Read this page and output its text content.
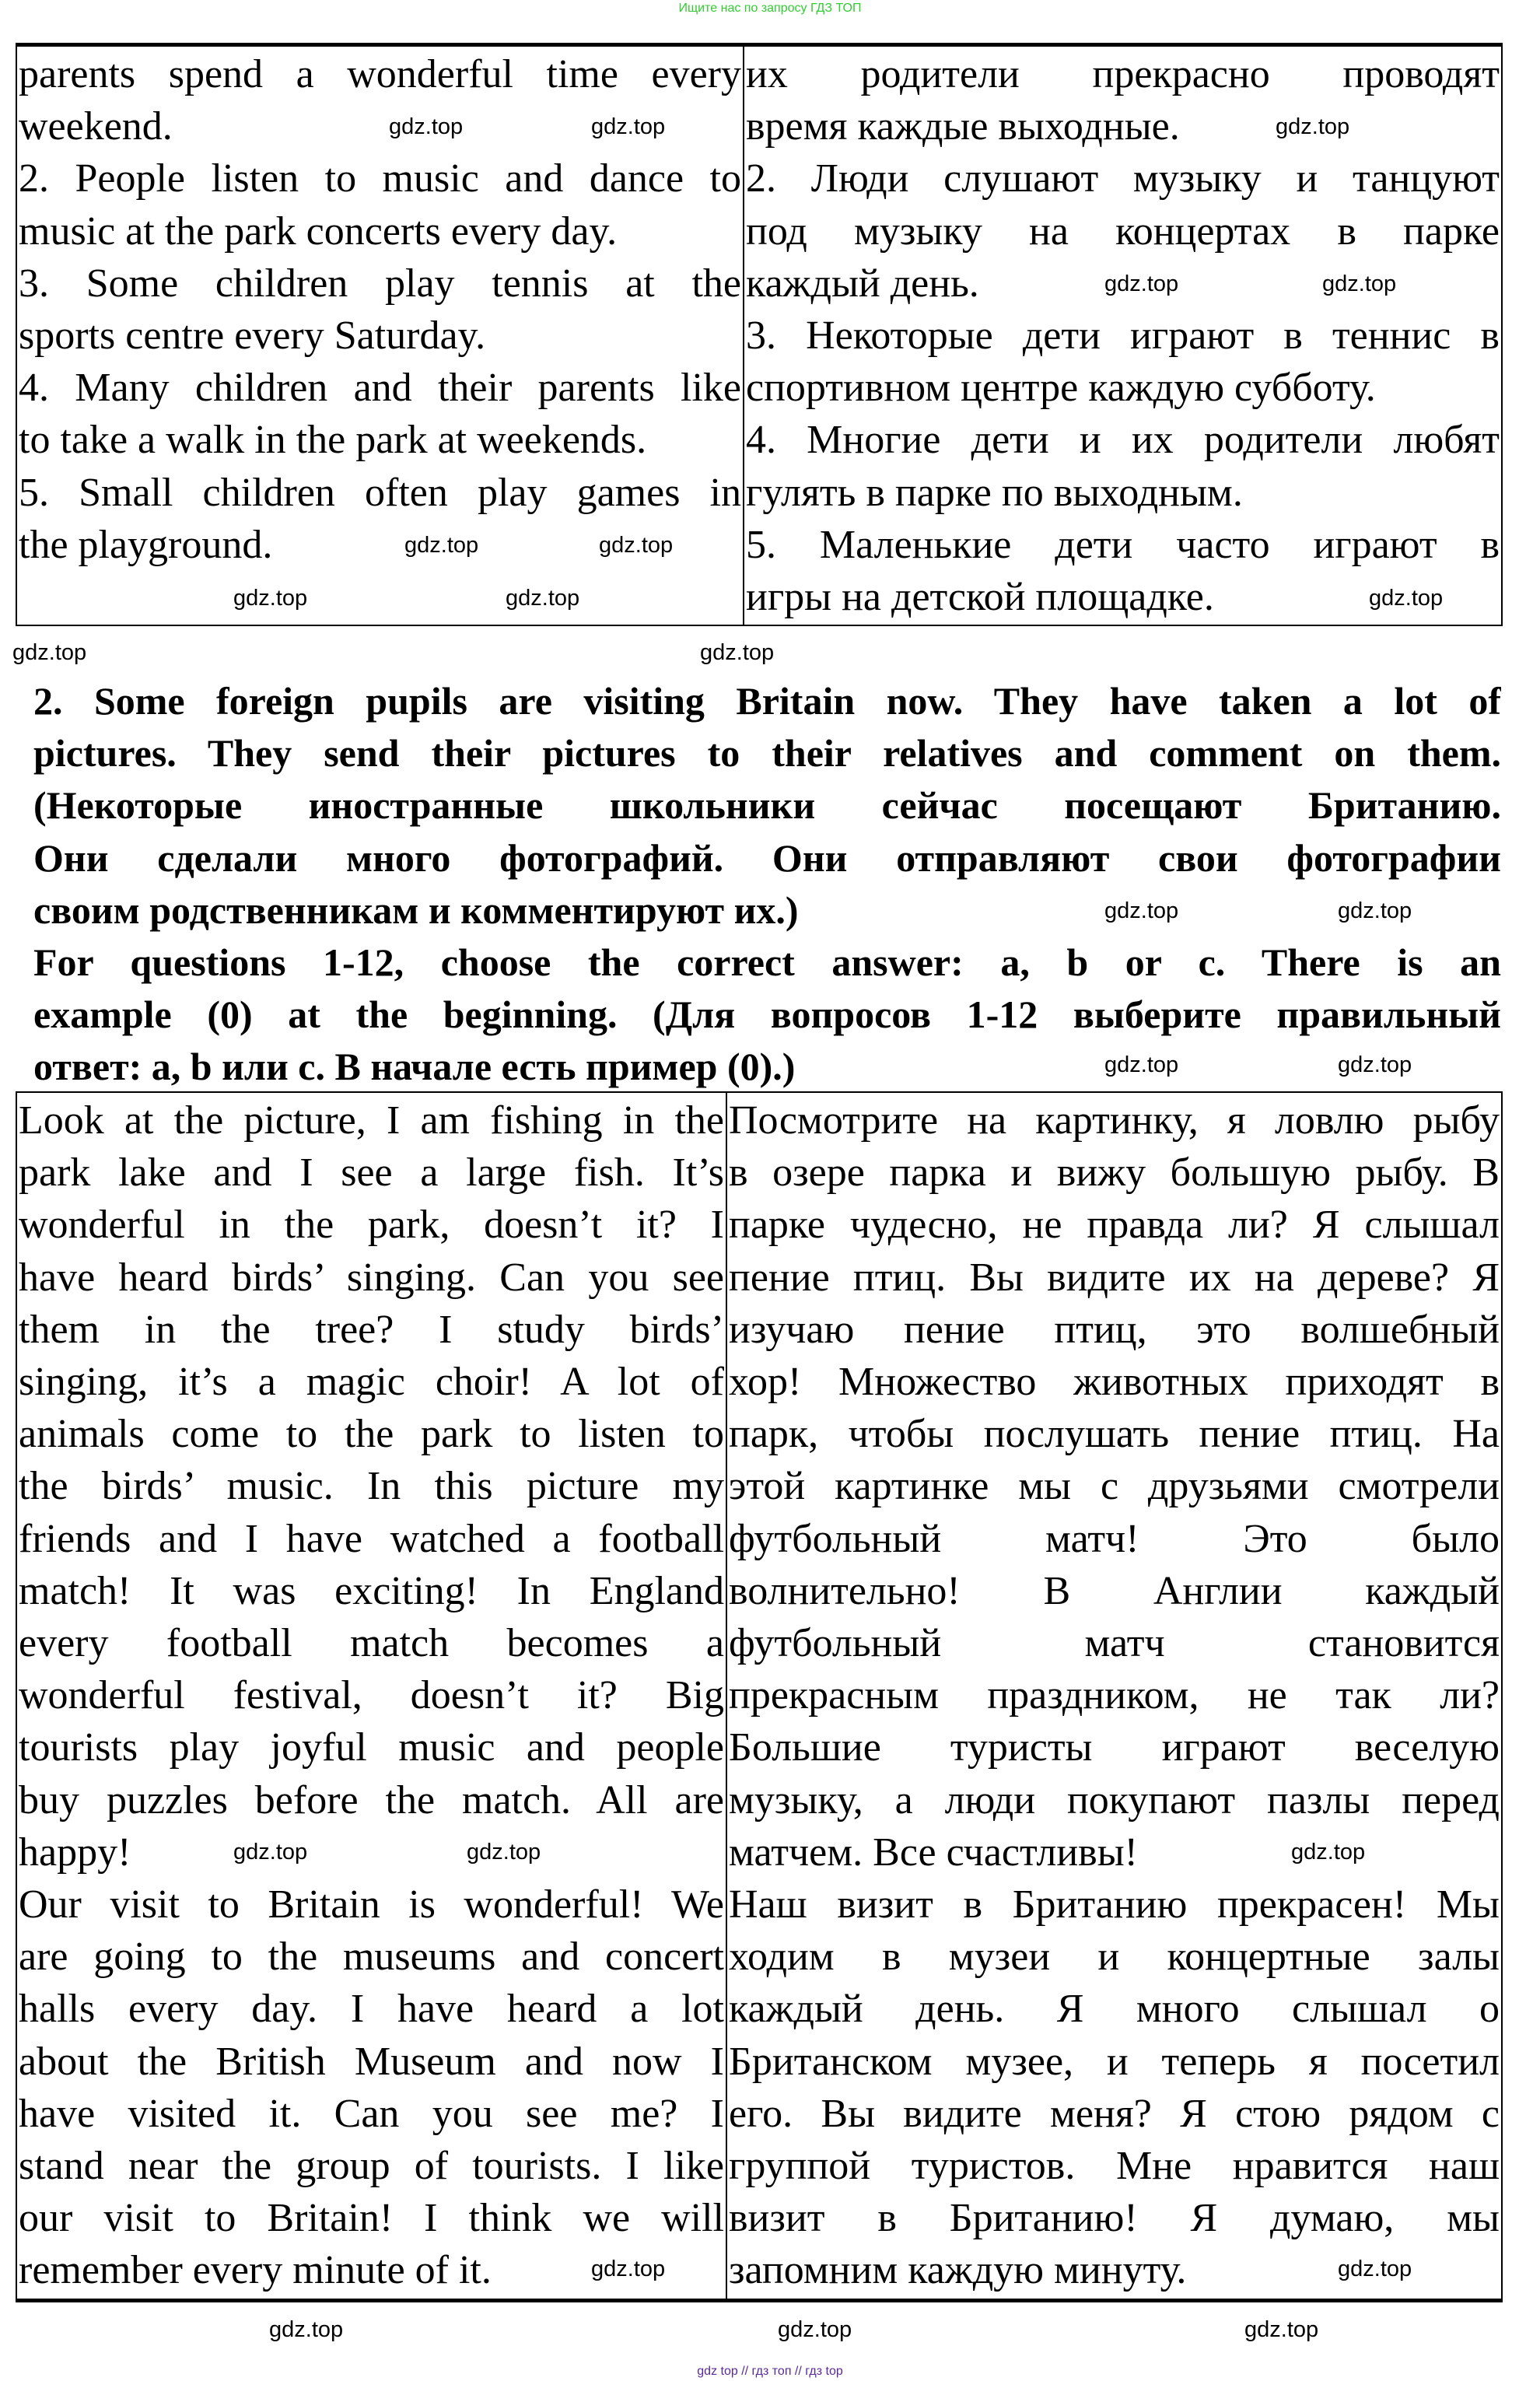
Ищите нас по запросу ГДЗ ТОП
parents spend a wonderful time every
weekend.
2. People listen to music and dance to
music at the park concerts every day.
3. Some children play tennis at the
sports centre every Saturday.
4. Many children and their parents like
to take a walk in the park at weekends.
5. Small children often play games in
the playground.

их родители прекрасно проводят
время каждые выходные.
2. Люди слушают музыку и танцуют
под музыку на концертах в парке
каждый день.
3. Некоторые дети играют в теннис в
спортивном центре каждую субботу.
4. Многие дети и их родители любят
гулять в парке по выходным.
5. Маленькие дети часто играют в
игры на детской площадке.
2. Some foreign pupils are visiting Britain now. They have taken a lot of
pictures. They send their pictures to their relatives and comment on them.
(Некоторые иностранные школьники сейчас посещают Британию.
Они сделали много фотографий. Они отправляют свои фотографии
своим родственникам и комментируют их.)
For questions 1-12, choose the correct answer: a, b or c. There is an
example (0) at the beginning. (Для вопросов 1-12 выберите правильный
ответ: a, b или c. В начале есть пример (0).)
Look at the picture, I am fishing in the
park lake and I see a large fish. It’s
wonderful in the park, doesn’t it? I
have heard birds’ singing. Can you see
them in the tree? I study birds’
singing, it’s a magic choir! A lot of
animals come to the park to listen to
the birds’ music. In this picture my
friends and I have watched a football
match! It was exciting! In England
every football match becomes a
wonderful festival, doesn’t it? Big
tourists play joyful music and people
buy puzzles before the match. All are
happy!
Our visit to Britain is wonderful! We
are going to the museums and concert
halls every day. I have heard a lot
about the British Museum and now I
have visited it. Can you see me? I
stand near the group of tourists. I like
our visit to Britain! I think we will
remember every minute of it.

Посмотрите на картинку, я ловлю рыбу
в озере парка и вижу большую рыбу. В
парке чудесно, не правда ли? Я слышал
пение птиц. Вы видите их на дереве? Я
изучаю пение птиц, это волшебный
хор! Множество животных приходят в
парк, чтобы послушать пение птиц. На
этой картинке мы с друзьями смотрели
футбольный матч! Это было
волнительно! В Англии каждый
футбольный матч становится
прекрасным праздником, не так ли?
Большие туристы играют веселую
музыку, а люди покупают пазлы перед
матчем. Все счастливы!
Наш визит в Британию прекрасен! Мы
ходим в музеи и концертные залы
каждый день. Я много слышал о
Британском музее, и теперь я посетил
его. Вы видите меня? Я стою рядом с
группой туристов. Мне нравится наш
визит в Британию! Я думаю, мы
запомним каждую минуту.
gdz.top	gdz.top	gdz.top
gdz.top	gdz.top
gdz.top	gdz.top
gdz.top	gdz.top	gdz.top
gdz.top	gdz.top
gdz.top	gdz.top
gdz.top	gdz.top
gdz.top	gdz.top	gdz.top
gdz.top	gdz.top
gdz.top	gdz.top	gdz.top
gdz top // гдз топ // гдз top
